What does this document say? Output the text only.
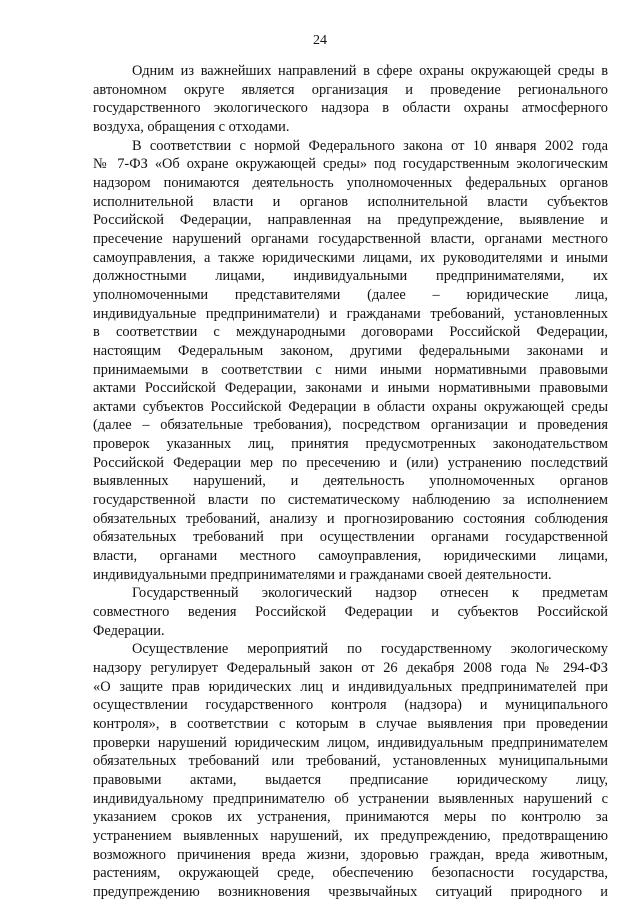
24
Одним из важнейших направлений в сфере охраны окружающей среды в
автономном округе является организация и проведение регионального
государственного экологического надзора в области охраны атмосферного
воздуха, обращения с отходами.
В соответствии с нормой Федерального закона от 10 января 2002 года
№ 7-ФЗ «Об охране окружающей среды» под государственным экологическим
надзором понимаются деятельность уполномоченных федеральных органов
исполнительной власти и органов исполнительной власти субъектов
Российской Федерации, направленная на предупреждение, выявление и
пресечение нарушений органами государственной власти, органами местного
самоуправления, а также юридическими лицами, их руководителями и иными
должностными лицами, индивидуальными предпринимателями, их
уполномоченными представителями (далее – юридические лица,
индивидуальные предприниматели) и гражданами требований, установленных
в соответствии с международными договорами Российской Федерации,
настоящим Федеральным законом, другими федеральными законами и
принимаемыми в соответствии с ними иными нормативными правовыми
актами Российской Федерации, законами и иными нормативными правовыми
актами субъектов Российской Федерации в области охраны окружающей среды
(далее – обязательные требования), посредством организации и проведения
проверок указанных лиц, принятия предусмотренных законодательством
Российской Федерации мер по пресечению и (или) устранению последствий
выявленных нарушений, и деятельность уполномоченных органов
государственной власти по систематическому наблюдению за исполнением
обязательных требований, анализу и прогнозированию состояния соблюдения
обязательных требований при осуществлении органами государственной
власти, органами местного самоуправления, юридическими лицами,
индивидуальными предпринимателями и гражданами своей деятельности.
Государственный экологический надзор отнесен к предметам
совместного ведения Российской Федерации и субъектов Российской
Федерации.
Осуществление мероприятий по государственному экологическому
надзору регулирует Федеральный закон от 26 декабря 2008 года № 294-ФЗ
«О защите прав юридических лиц и индивидуальных предпринимателей при
осуществлении государственного контроля (надзора) и муниципального
контроля», в соответствии с которым в случае выявления при проведении
проверки нарушений юридическим лицом, индивидуальным предпринимателем
обязательных требований или требований, установленных муниципальными
правовыми актами, выдается предписание юридическому лицу,
индивидуальному предпринимателю об устранении выявленных нарушений с
указанием сроков их устранения, принимаются меры по контролю за
устранением выявленных нарушений, их предупреждению, предотвращению
возможного причинения вреда жизни, здоровью граждан, вреда животным,
растениям, окружающей среде, обеспечению безопасности государства,
предупреждению возникновения чрезвычайных ситуаций природного и
